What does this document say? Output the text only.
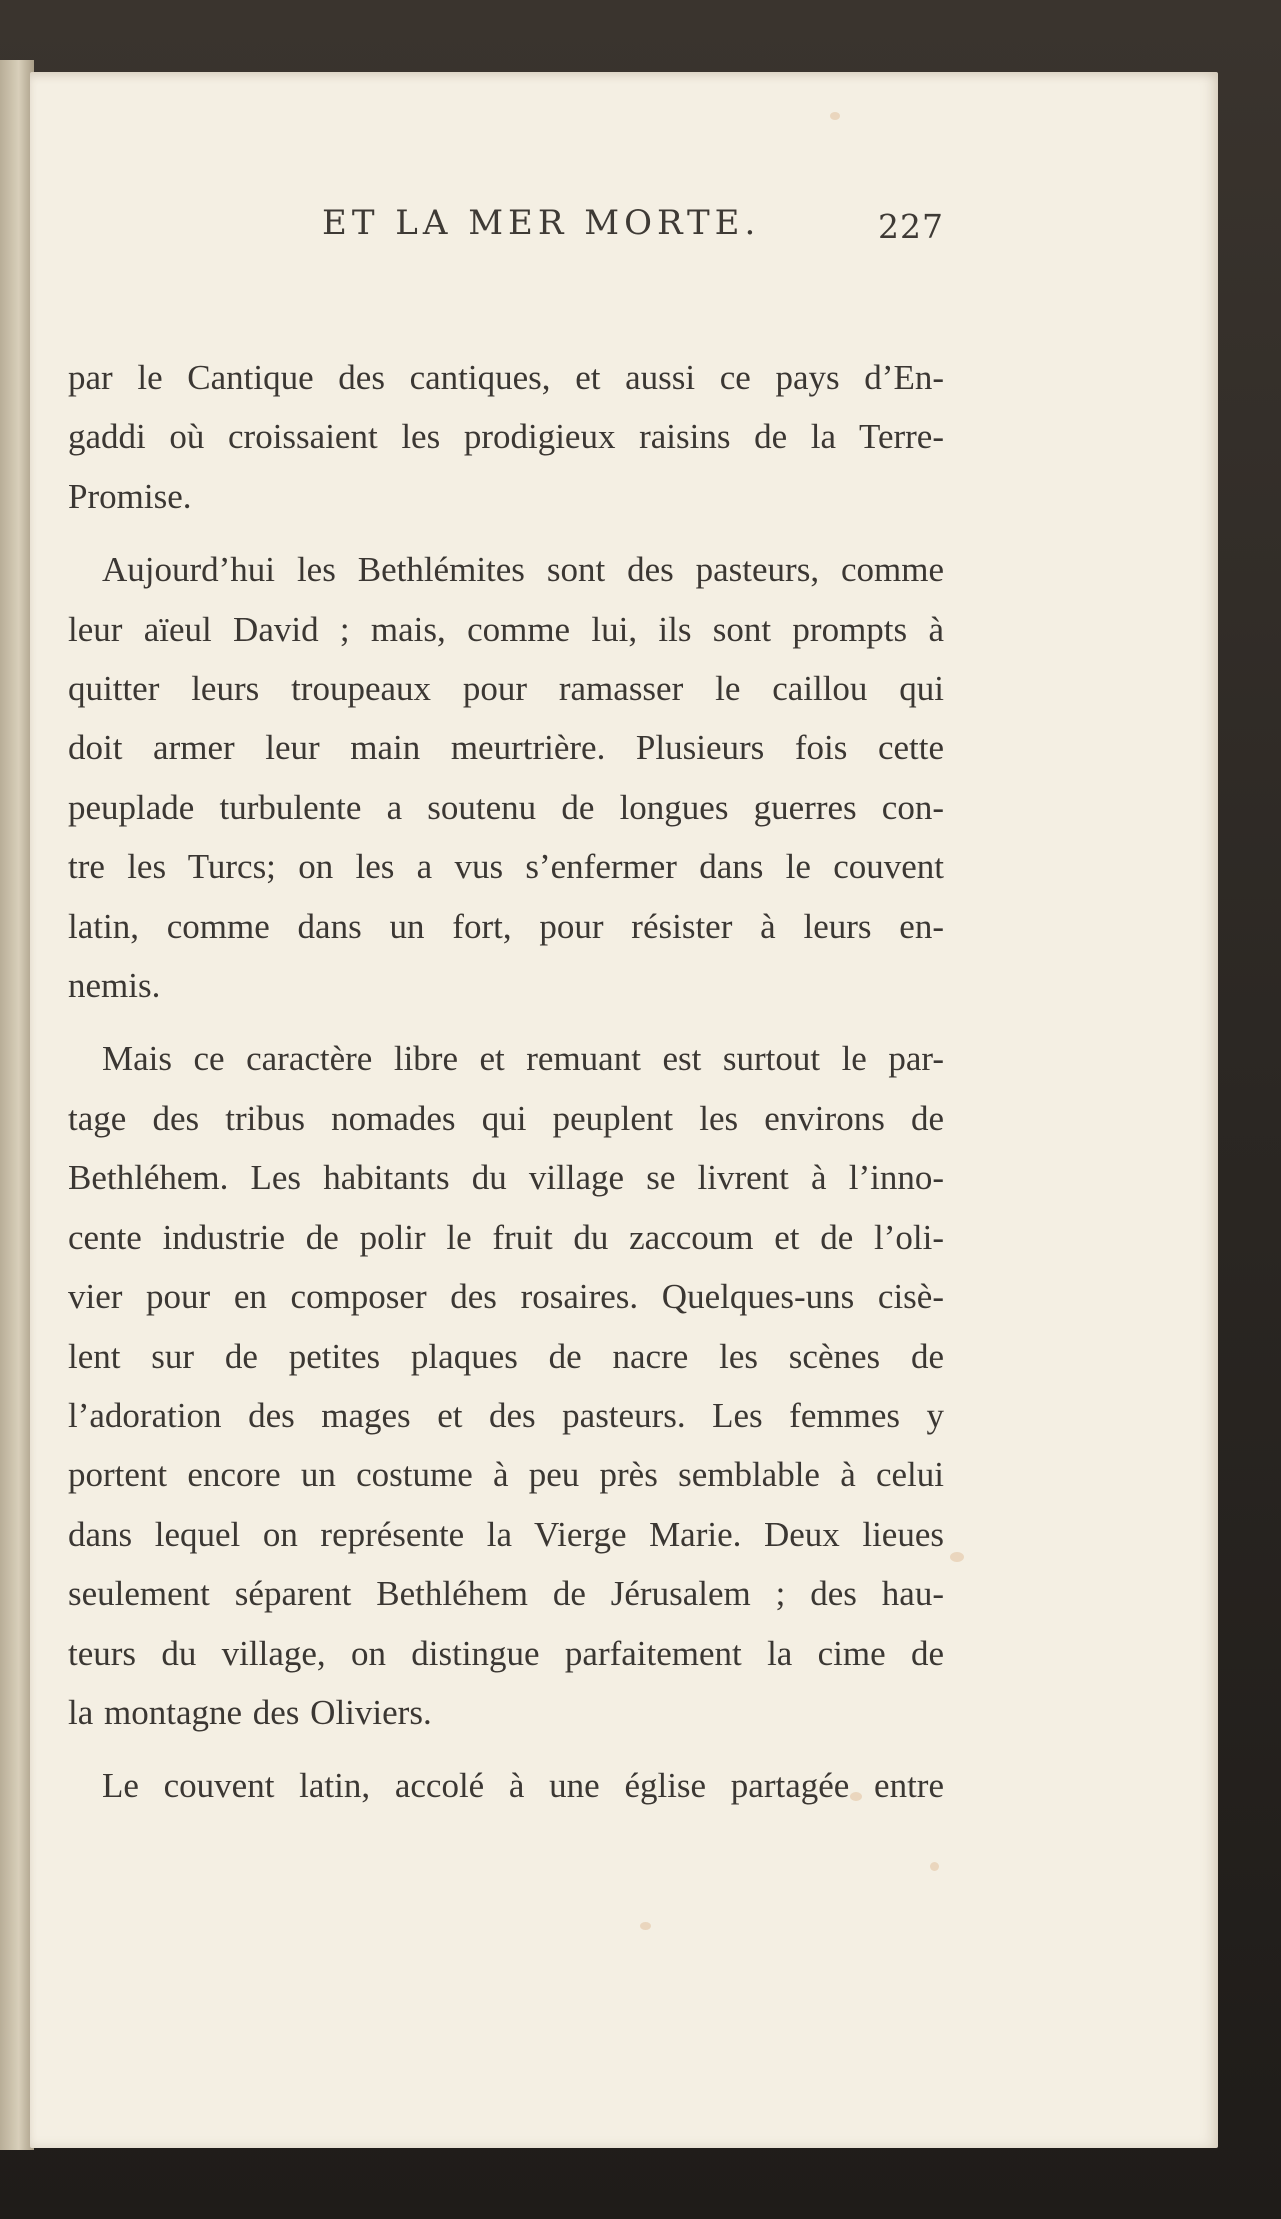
ET LA MER MORTE.	227

par le Cantique des cantiques, et aussi ce pays d’En-
gaddi où croissaient les prodigieux raisins de la Terre-
Promise.

Aujourd’hui les Bethlémites sont des pasteurs, comme
leur aïeul David ; mais, comme lui, ils sont prompts à
quitter leurs troupeaux pour ramasser le caillou qui
doit armer leur main meurtrière. Plusieurs fois cette
peuplade turbulente a soutenu de longues guerres con-
tre les Turcs; on les a vus s’enfermer dans le couvent
latin, comme dans un fort, pour résister à leurs en-
nemis.

Mais ce caractère libre et remuant est surtout le par-
tage des tribus nomades qui peuplent les environs de
Bethléhem. Les habitants du village se livrent à l’inno-
cente industrie de polir le fruit du zaccoum et de l’oli-
vier pour en composer des rosaires. Quelques-uns cisè-
lent sur de petites plaques de nacre les scènes de
l’adoration des mages et des pasteurs. Les femmes y
portent encore un costume à peu près semblable à celui
dans lequel on représente la Vierge Marie. Deux lieues
seulement séparent Bethléhem de Jérusalem ; des hau-
teurs du village, on distingue parfaitement la cime de
la montagne des Oliviers.

Le couvent latin, accolé à une église partagée entre
